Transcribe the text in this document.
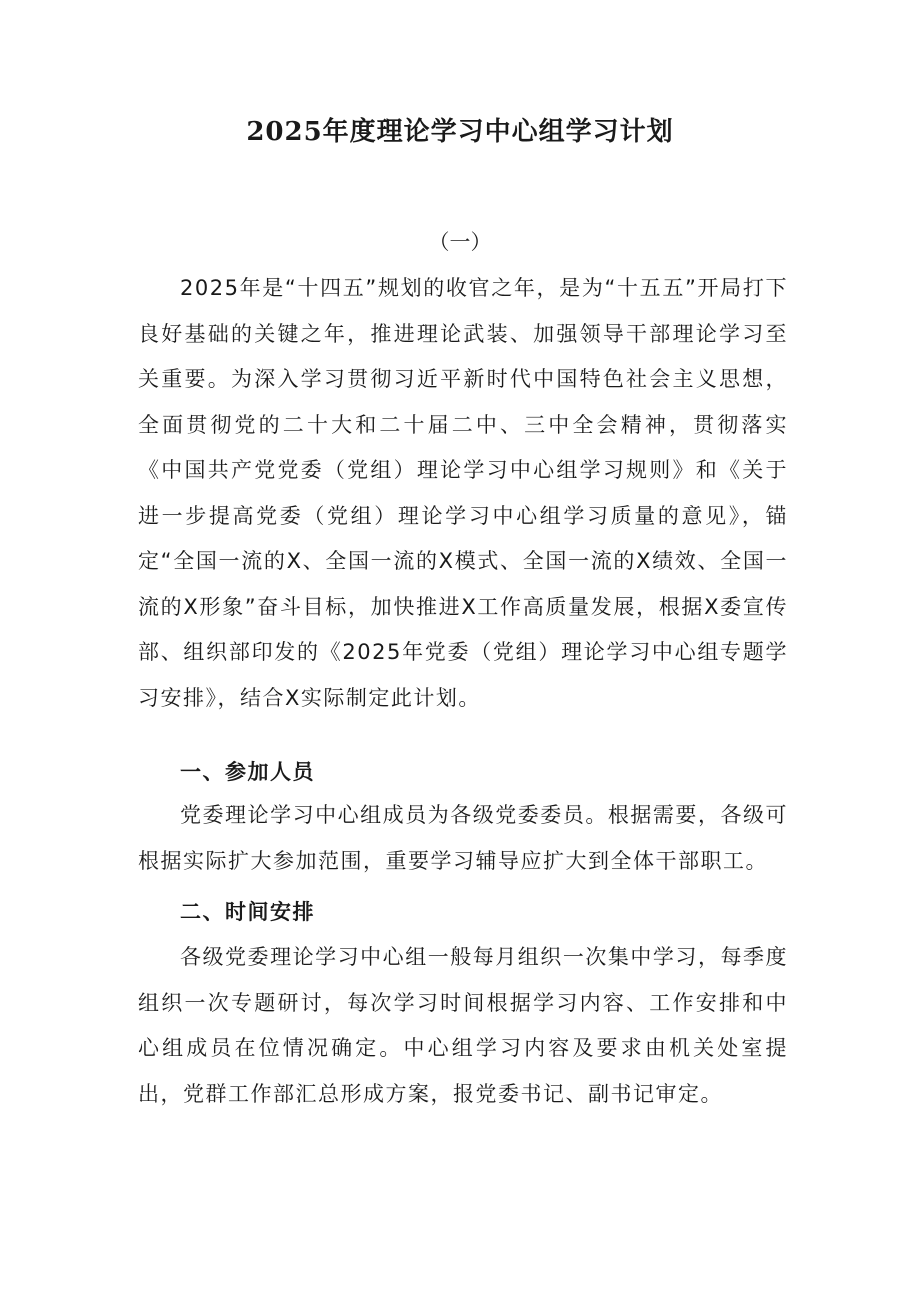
2025年度理论学习中心组学习计划
（一）

2025年是“十四五”规划的收官之年，是为“十五五”开局打下良好基础的关键之年，推进理论武装、加强领导干部理论学习至关重要。为深入学习贯彻习近平新时代中国特色社会主义思想，全面贯彻党的二十大和二十届二中、三中全会精神，贯彻落实《中国共产党党委（党组）理论学习中心组学习规则》和《关于进一步提高党委（党组）理论学习中心组学习质量的意见》，锚定“全国一流的X、全国一流的X模式、全国一流的X绩效、全国一流的X形象”奋斗目标，加快推进X工作高质量发展，根据X委宣传部、组织部印发的《2025年党委（党组）理论学习中心组专题学习安排》，结合X实际制定此计划。

一、参加人员

党委理论学习中心组成员为各级党委委员。根据需要，各级可根据实际扩大参加范围，重要学习辅导应扩大到全体干部职工。

二、时间安排

各级党委理论学习中心组一般每月组织一次集中学习，每季度组织一次专题研讨，每次学习时间根据学习内容、工作安排和中心组成员在位情况确定。中心组学习内容及要求由机关处室提出，党群工作部汇总形成方案，报党委书记、副书记审定。
